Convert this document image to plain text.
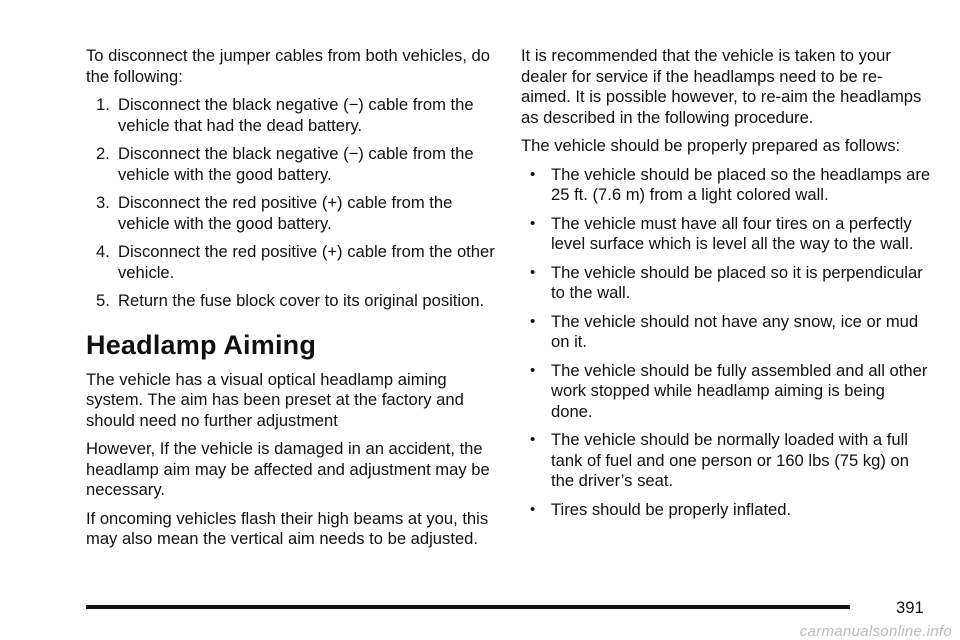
To disconnect the jumper cables from both vehicles, do the following:

1. Disconnect the black negative (−) cable from the vehicle that had the dead battery.
2. Disconnect the black negative (−) cable from the vehicle with the good battery.
3. Disconnect the red positive (+) cable from the vehicle with the good battery.
4. Disconnect the red positive (+) cable from the other vehicle.
5. Return the fuse block cover to its original position.
Headlamp Aiming

The vehicle has a visual optical headlamp aiming system. The aim has been preset at the factory and should need no further adjustment

However, If the vehicle is damaged in an accident, the headlamp aim may be affected and adjustment may be necessary.

If oncoming vehicles flash their high beams at you, this may also mean the vertical aim needs to be adjusted.

It is recommended that the vehicle is taken to your dealer for service if the headlamps need to be re-aimed. It is possible however, to re-aim the headlamps as described in the following procedure.

The vehicle should be properly prepared as follows:

• The vehicle should be placed so the headlamps are 25 ft. (7.6 m) from a light colored wall.
• The vehicle must have all four tires on a perfectly level surface which is level all the way to the wall.
• The vehicle should be placed so it is perpendicular to the wall.
• The vehicle should not have any snow, ice or mud on it.
• The vehicle should be fully assembled and all other work stopped while headlamp aiming is being done.
• The vehicle should be normally loaded with a full tank of fuel and one person or 160 lbs (75 kg) on the driver’s seat.
• Tires should be properly inflated.
391
carmanualsonline.info
